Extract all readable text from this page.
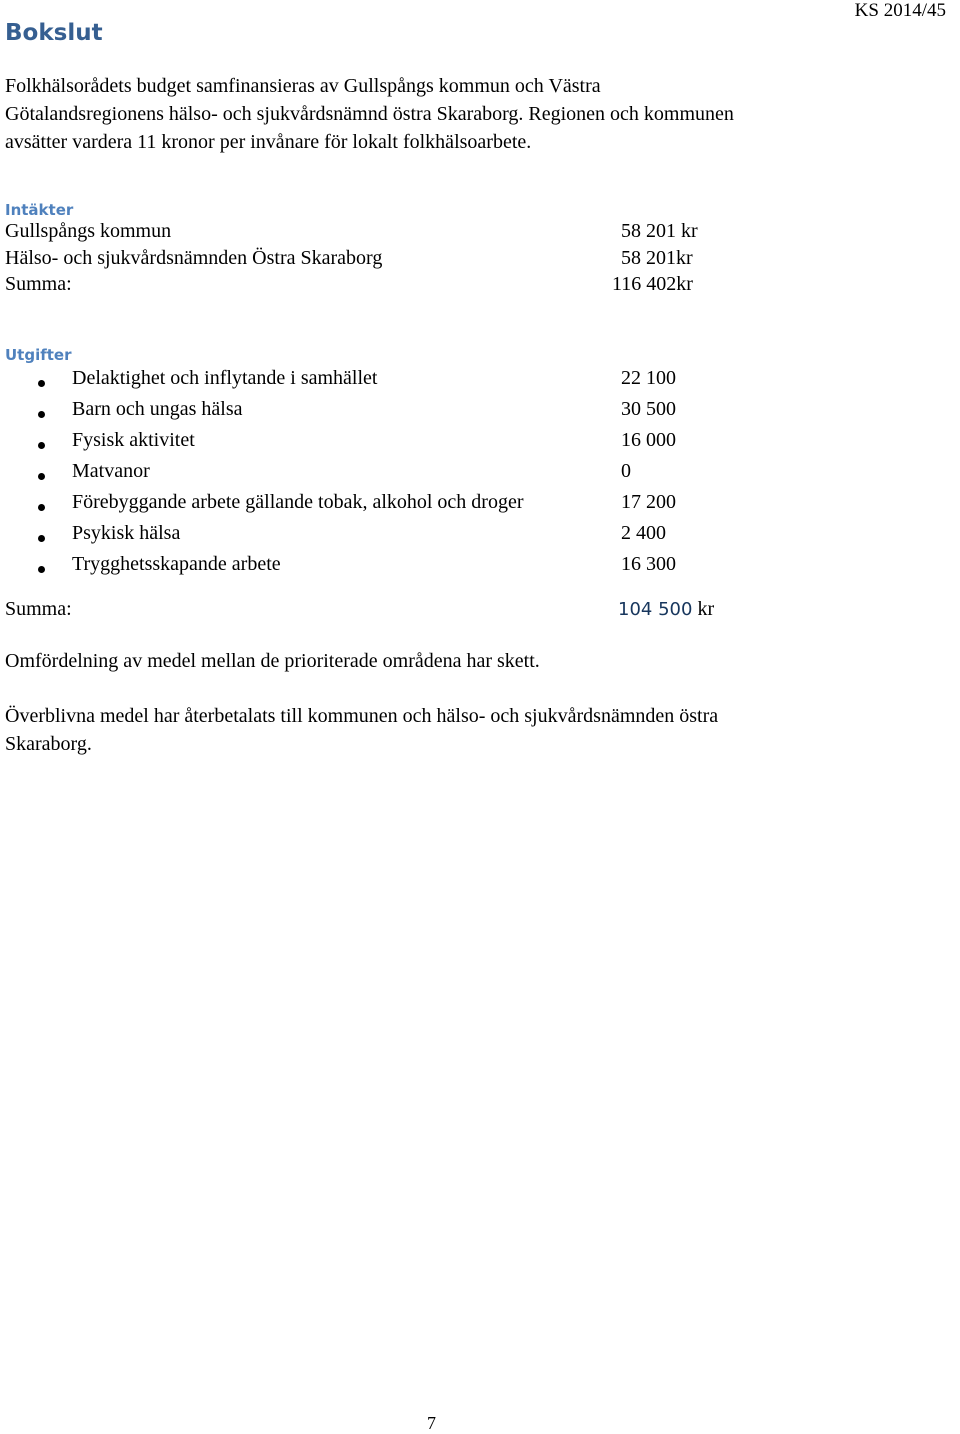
KS 2014/45
Bokslut
Folkhälsorådets budget samfinansieras av Gullspångs kommun och Västra
Götalandsregionens hälso- och sjukvårdsnämnd östra Skaraborg. Regionen och kommunen
avsätter vardera 11 kronor per invånare för lokalt folkhälsoarbete.
Intäkter
Gullspångs kommun	58 201 kr
Hälso- och sjukvårdsnämnden Östra Skaraborg	58 201kr
Summa:	116 402kr
Utgifter
Delaktighet och inflytande i samhället	22 100
Barn och ungas hälsa	30 500
Fysisk aktivitet	16 000
Matvanor	0
Förebyggande arbete gällande tobak, alkohol och droger	17 200
Psykisk hälsa	2 400
Trygghetsskapande arbete	16 300
Summa:	104 500 kr
Omfördelning av medel mellan de prioriterade områdena har skett.
Överblivna medel har återbetalats till kommunen och hälso- och sjukvårdsnämnden östra
Skaraborg.
7
